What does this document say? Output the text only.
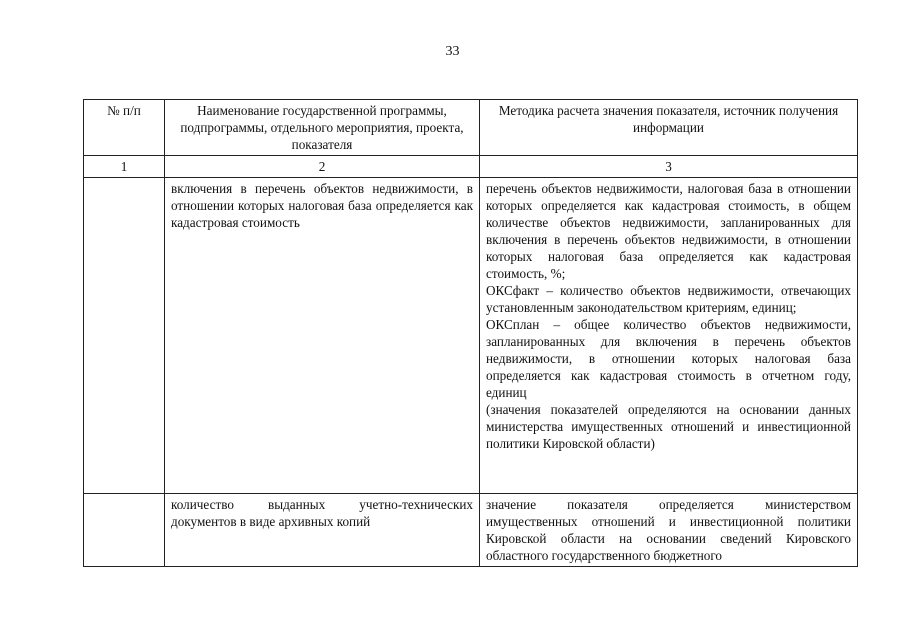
33
№ п/п	Наименование государственной программы, подпрограммы, отдельного мероприятия, проекта, показателя	Методика расчета значения показателя, источник получения информации
1	2	3
	включения в перечень объектов недвижимости, в отношении которых налоговая база определяется как кадастровая стоимость	перечень объектов недвижимости, налоговая база в отношении которых определяется как кадастровая стоимость, в общем количестве объектов недвижимости, запланированных для включения в перечень объектов недвижимости, в отношении которых налоговая база определяется как кадастровая стоимость, %;
ОКСфакт – количество объектов недвижимости, отвечающих установленным законодательством критериям, единиц;
ОКСплан – общее количество объектов недвижимости, запланированных для включения в перечень объектов недвижимости, в отношении которых налоговая база определяется как кадастровая стоимость в отчетном году, единиц
(значения показателей определяются на основании данных министерства имущественных отношений и инвестиционной политики Кировской области)

	количество выданных учетно-технических документов в виде архивных копий	значение показателя определяется министерством имущественных отношений и инвестиционной политики Кировской области на основании сведений Кировского областного государственного бюджетного
